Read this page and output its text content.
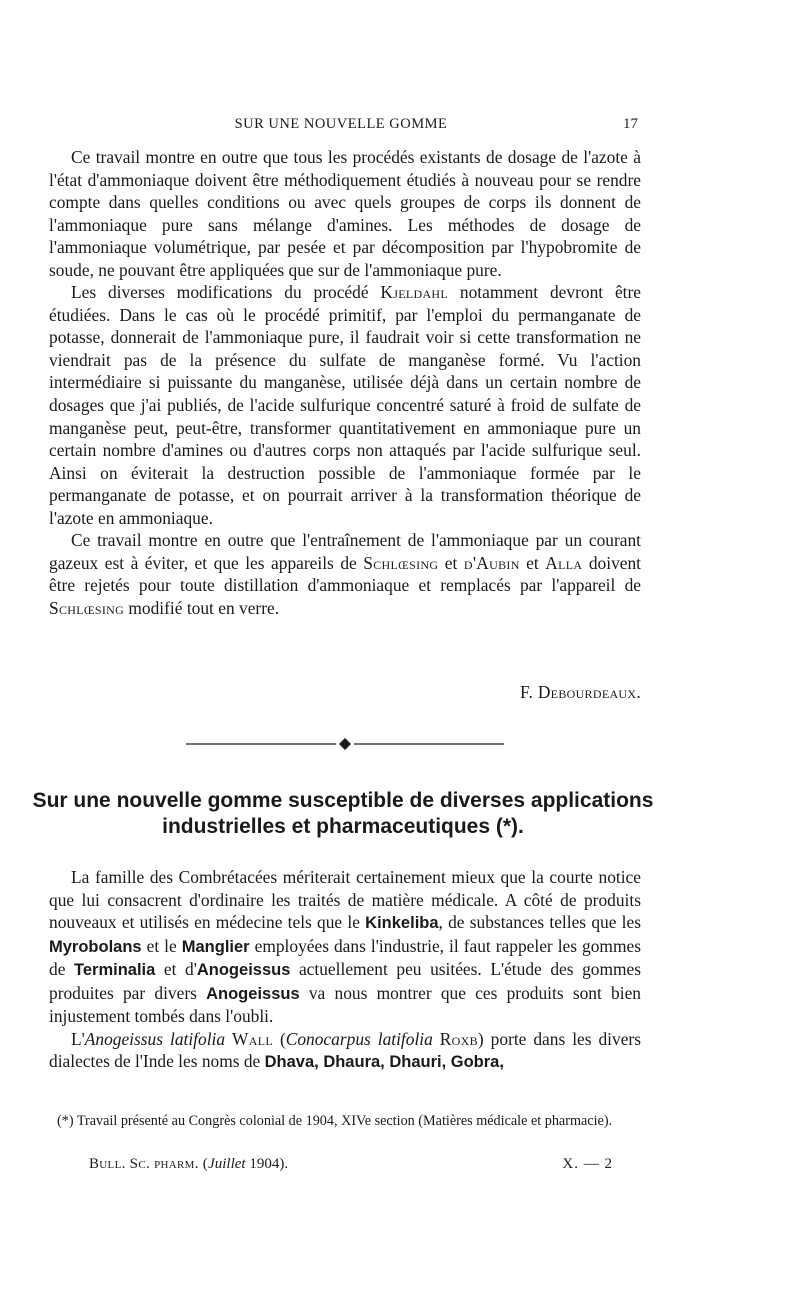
SUR UNE NOUVELLE GOMME	17

Ce travail montre en outre que tous les procédés existants de dosage de l'azote à l'état d'ammoniaque doivent être méthodiquement étudiés à nouveau pour se rendre compte dans quelles conditions ou avec quels groupes de corps ils donnent de l'ammoniaque pure sans mélange d'amines. Les méthodes de dosage de l'ammoniaque volumétrique, par pesée et par décomposition par l'hypobromite de soude, ne pouvant être appliquées que sur de l'ammoniaque pure.

Les diverses modifications du procédé Kjeldahl notamment devront être étudiées. Dans le cas où le procédé primitif, par l'emploi du permanganate de potasse, donnerait de l'ammoniaque pure, il faudrait voir si cette transformation ne viendrait pas de la présence du sulfate de manganèse formé. Vu l'action intermédiaire si puissante du manganèse, utilisée déjà dans un certain nombre de dosages que j'ai publiés, de l'acide sulfurique concentré saturé à froid de sulfate de manganèse peut, peut-être, transformer quantitativement en ammoniaque pure un certain nombre d'amines ou d'autres corps non attaqués par l'acide sulfurique seul. Ainsi on éviterait la destruction possible de l'ammoniaque formée par le permanganate de potasse, et on pourrait arriver à la transformation théorique de l'azote en ammoniaque.

Ce travail montre en outre que l'entraînement de l'ammoniaque par un courant gazeux est à éviter, et que les appareils de Schlœsing et d'Aubin et Alla doivent être rejetés pour toute distillation d'ammoniaque et remplacés par l'appareil de Schlœsing modifié tout en verre.

F. Debourdeaux.
Sur une nouvelle gomme susceptible de diverses applications
industrielles et pharmaceutiques (*).

La famille des Combrétacées mériterait certainement mieux que la courte notice que lui consacrent d'ordinaire les traités de matière médicale. A côté de produits nouveaux et utilisés en médecine tels que le Kinkeliba, de substances telles que les Myrobolans et le Manglier employées dans l'industrie, il faut rappeler les gommes de Terminalia et d'Anogeissus actuellement peu usitées. L'étude des gommes produites par divers Anogeissus va nous montrer que ces produits sont bien injustement tombés dans l'oubli.

L'Anogeissus latifolia Wall (Conocarpus latifolia Roxb) porte dans les divers dialectes de l'Inde les noms de Dhava, Dhaura, Dhauri, Gobra,

(*) Travail présenté au Congrès colonial de 1904, XIVe section (Matières médicale et pharmacie).

Bull. Sc. pharm. (Juillet 1904).	X. — 2
